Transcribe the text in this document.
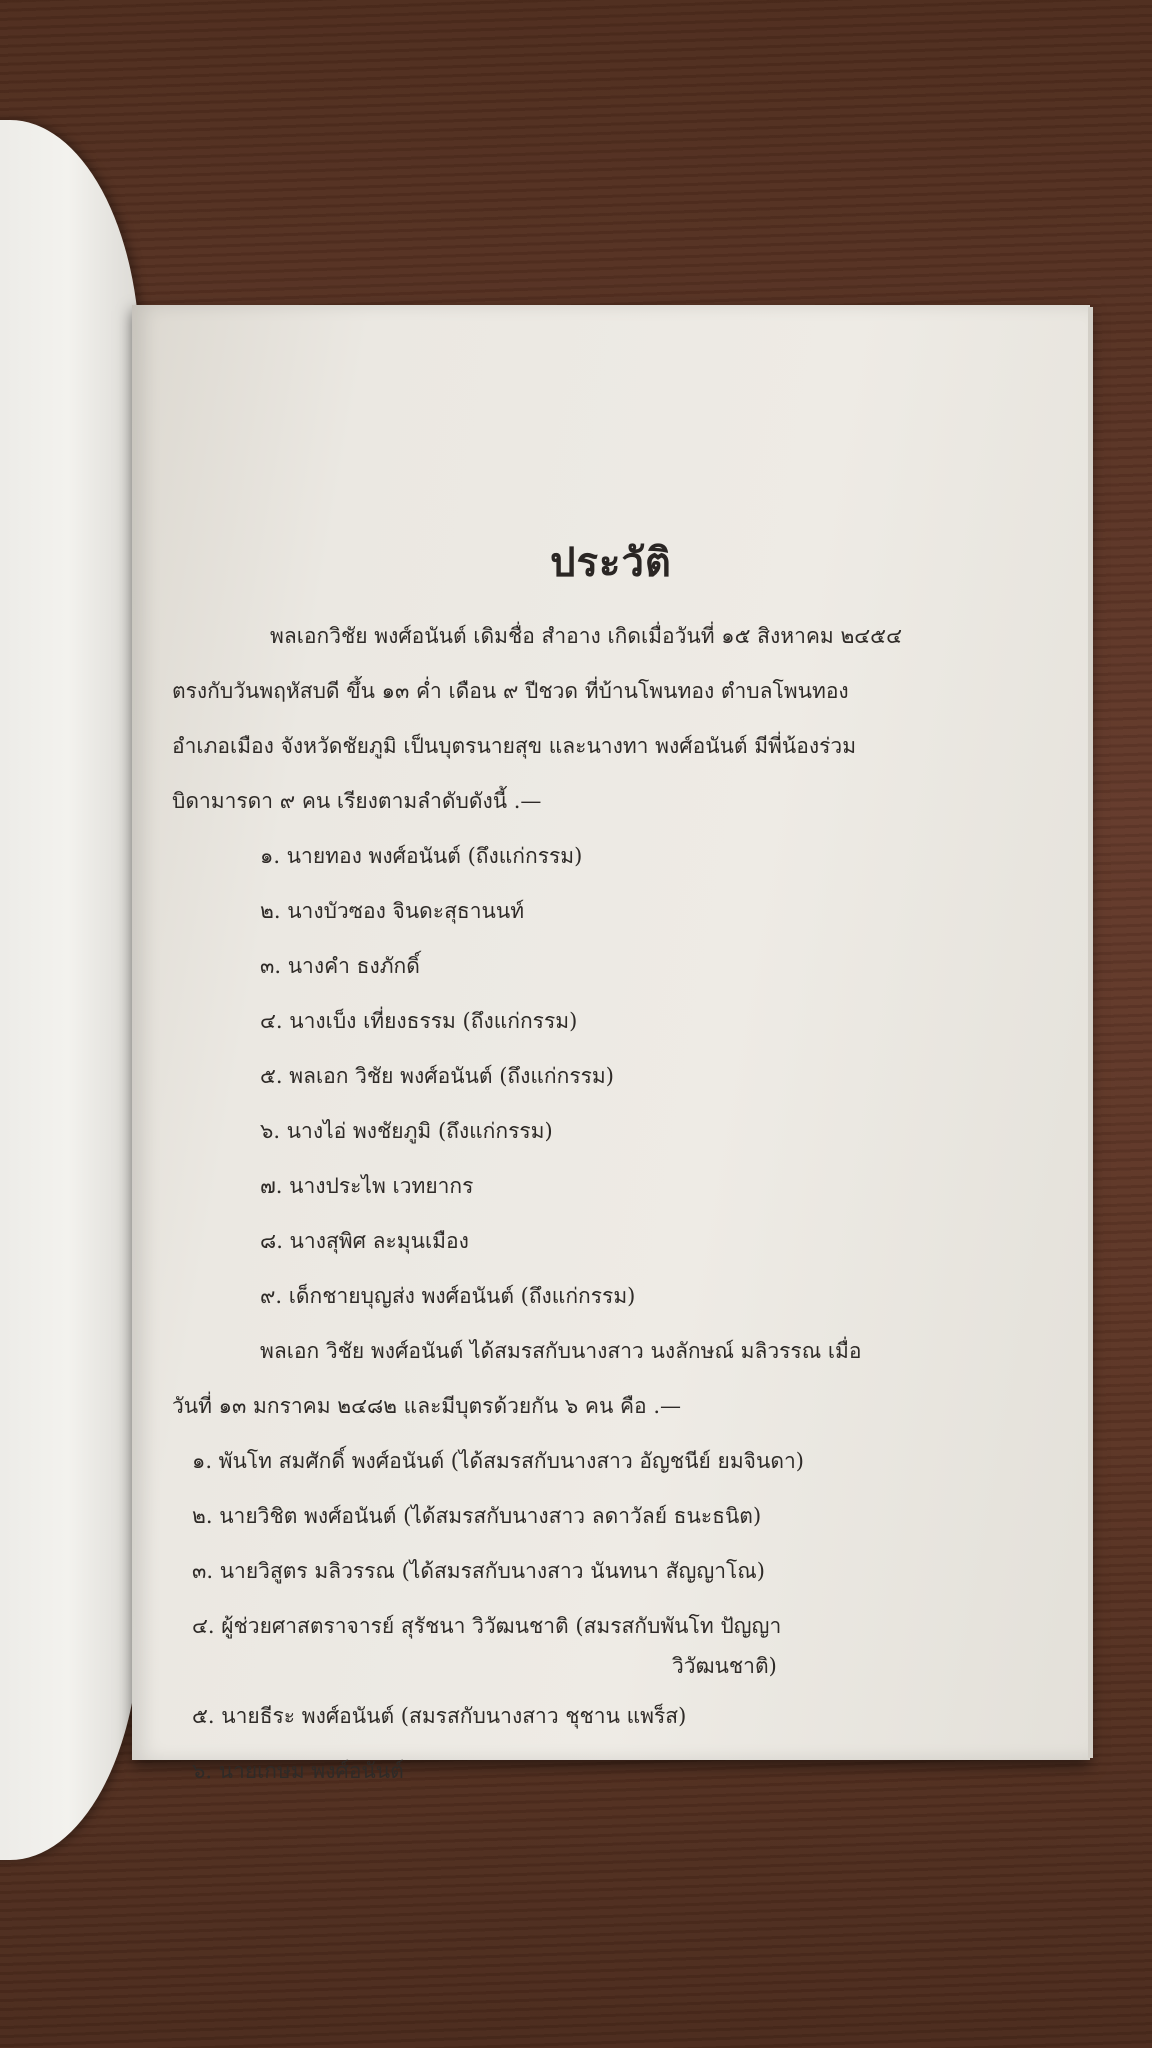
ประวัติ
พลเอกวิชัย พงศ์อนันต์ เดิมชื่อ สำอาง เกิดเมื่อวันที่ ๑๕ สิงหาคม ๒๔๕๔
ตรงกับวันพฤหัสบดี ขึ้น ๑๓ ค่ำ เดือน ๙ ปีชวด ที่บ้านโพนทอง ตำบลโพนทอง
อำเภอเมือง จังหวัดชัยภูมิ เป็นบุตรนายสุข และนางทา พงศ์อนันต์ มีพี่น้องร่วม
บิดามารดา ๙ คน เรียงตามลำดับดังนี้ .—
๑. นายทอง พงศ์อนันต์ (ถึงแก่กรรม)
๒. นางบัวซอง จินดะสุธานนท์
๓. นางคำ ธงภักดิ์
๔. นางเบ็ง เที่ยงธรรม (ถึงแก่กรรม)
๕. พลเอก วิชัย พงศ์อนันต์ (ถึงแก่กรรม)
๖. นางไอ่ พงชัยภูมิ (ถึงแก่กรรม)
๗. นางประไพ เวทยากร
๘. นางสุพิศ ละมุนเมือง
๙. เด็กชายบุญส่ง พงศ์อนันต์ (ถึงแก่กรรม)
พลเอก วิชัย พงศ์อนันต์ ได้สมรสกับนางสาว นงลักษณ์ มลิวรรณ เมื่อ
วันที่ ๑๓ มกราคม ๒๔๘๒ และมีบุตรด้วยกัน ๖ คน คือ .—
๑. พันโท สมศักดิ์ พงศ์อนันต์ (ได้สมรสกับนางสาว อัญชนีย์ ยมจินดา)
๒. นายวิชิต พงศ์อนันต์ (ได้สมรสกับนางสาว ลดาวัลย์ ธนะธนิต)
๓. นายวิสูตร มลิวรรณ (ได้สมรสกับนางสาว นันทนา สัญญาโณ)
๔. ผู้ช่วยศาสตราจารย์ สุรัชนา วิวัฒนชาติ (สมรสกับพันโท ปัญญา
วิวัฒนชาติ)
๕. นายธีระ พงศ์อนันต์ (สมรสกับนางสาว ชุชาน แพร็ส)
๖. นายเกษม พงศ์อนันต์
